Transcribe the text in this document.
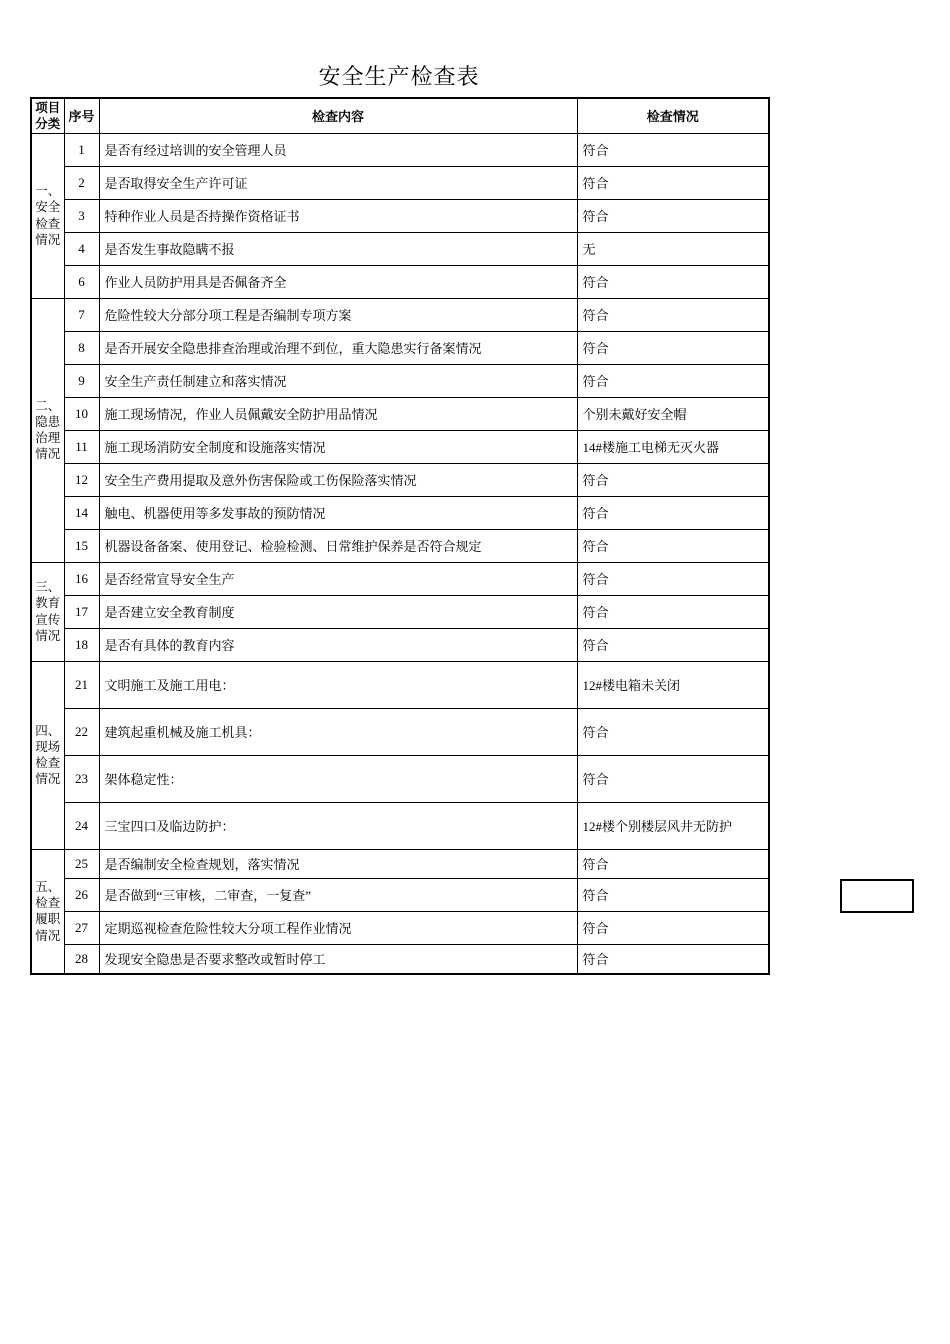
安全生产检查表
项目分类	序号	检查内容	检查情况

一、安全检查情况	1	是否有经过培训的安全管理人员	符合
	2	是否取得安全生产许可证	符合
	3	特种作业人员是否持操作资格证书	符合
	4	是否发生事故隐瞒不报	无
	6	作业人员防护用具是否佩备齐全	符合

二、隐患治理情况	7	危险性较大分部分项工程是否编制专项方案	符合
	8	是否开展安全隐患排查治理或治理不到位，重大隐患实行备案情况	符合
	9	安全生产责任制建立和落实情况	符合
	10	施工现场情况，作业人员佩戴安全防护用品情况	个别未戴好安全帽
	11	施工现场消防安全制度和设施落实情况	14#楼施工电梯无灭火器
	12	安全生产费用提取及意外伤害保险或工伤保险落实情况	符合
	14	触电、机器使用等多发事故的预防情况	符合
	15	机器设备备案、使用登记、检验检测、日常维护保养是否符合规定	符合

三、教育宣传情况	16	是否经常宣导安全生产	符合
	17	是否建立安全教育制度	符合
	18	是否有具体的教育内容	符合

四、现场检查情况	21	文明施工及施工用电：	12#楼电箱未关闭
	22	建筑起重机械及施工机具：	符合
	23	架体稳定性：	符合
	24	三宝四口及临边防护：	12#楼个别楼层风井无防护

五、检查履职情况	25	是否编制安全检查规划，落实情况	符合
	26	是否做到“三审核，二审查，一复查”	符合
	27	定期巡视检查危险性较大分项工程作业情况	符合
	28	发现安全隐患是否要求整改或暂时停工	符合
